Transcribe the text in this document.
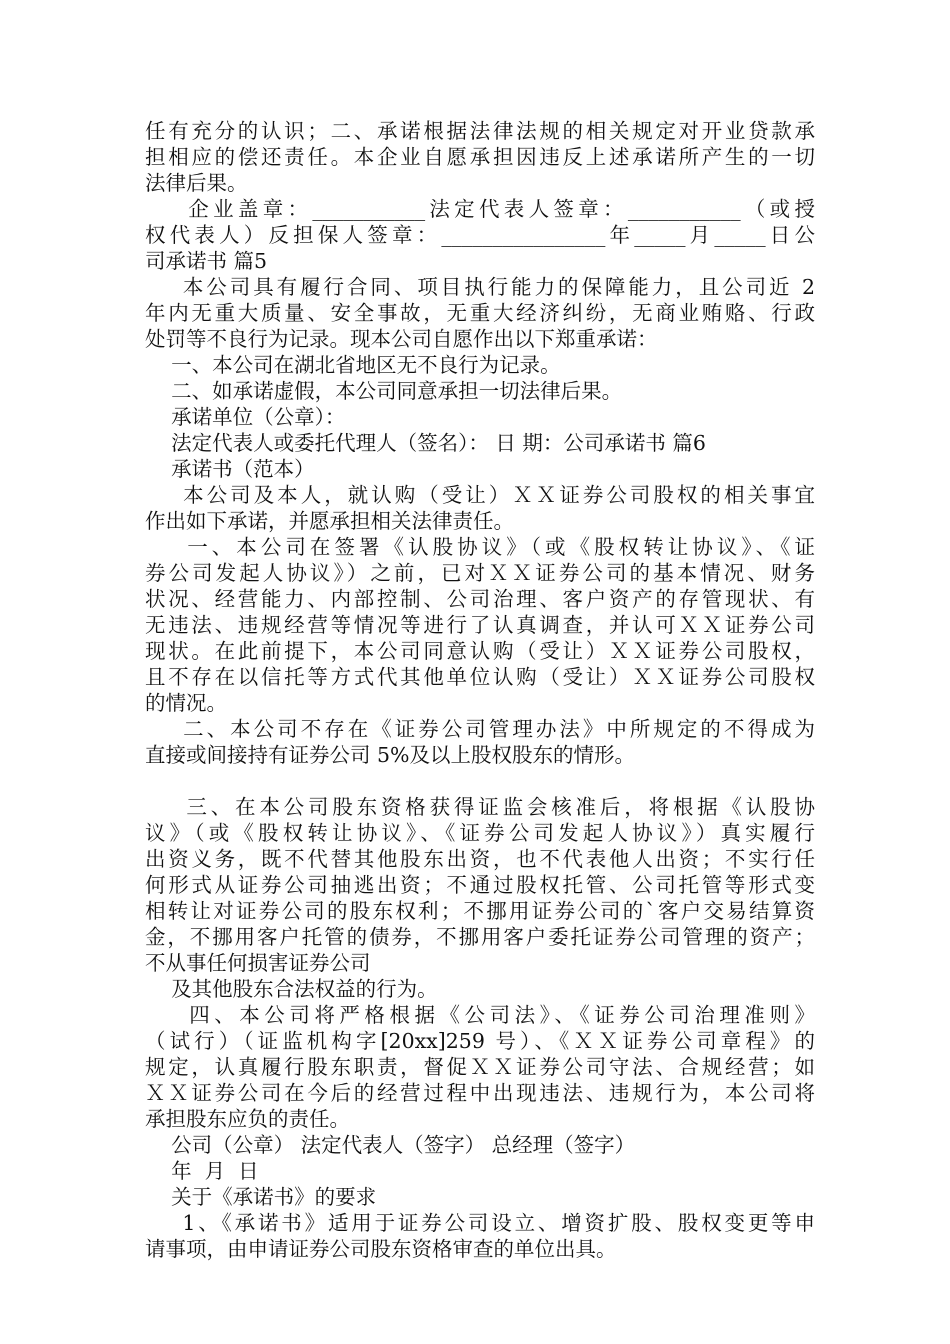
任有充分的认识；二、承诺根据法律法规的相关规定对开业贷款承
担相应的偿还责任。本企业自愿承担因违反上述承诺所产生的一切
法律后果。
企业盖章：___________法定代表人签章：___________（或授
权代表人）反担保人签章：________________年_____月_____日公
司承诺书 篇5
本公司具有履行合同、项目执行能力的保障能力，且公司近 2
年内无重大质量、安全事故，无重大经济纠纷，无商业贿赂、行政
处罚等不良行为记录。现本公司自愿作出以下郑重承诺：
一、本公司在湖北省地区无不良行为记录。
二、如承诺虚假，本公司同意承担一切法律后果。
承诺单位（公章）：
法定代表人或委托代理人（签名）： 日 期：公司承诺书 篇6
承诺书（范本）
本公司及本人，就认购（受让）ＸＸ证券公司股权的相关事宜
作出如下承诺，并愿承担相关法律责任。
一、本公司在签署《认股协议》（或《股权转让协议》、《证
券公司发起人协议》）之前，已对ＸＸ证券公司的基本情况、财务
状况、经营能力、内部控制、公司治理、客户资产的存管现状、有
无违法、违规经营等情况等进行了认真调查，并认可ＸＸ证券公司
现状。在此前提下，本公司同意认购（受让）ＸＸ证券公司股权，
且不存在以信托等方式代其他单位认购（受让）ＸＸ证券公司股权
的情况。
二、本公司不存在《证券公司管理办法》中所规定的不得成为
直接或间接持有证券公司 5%及以上股权股东的情形。
三、在本公司股东资格获得证监会核准后，将根据《认股协
议》（或《股权转让协议》、《证券公司发起人协议》）真实履行
出资义务，既不代替其他股东出资，也不代表他人出资；不实行任
何形式从证券公司抽逃出资；不通过股权托管、公司托管等形式变
相转让对证券公司的股东权利；不挪用证券公司的`客户交易结算资
金，不挪用客户托管的债券，不挪用客户委托证券公司管理的资产；
不从事任何损害证券公司
及其他股东合法权益的行为。
四、本公司将严格根据《公司法》、《证券公司治理准则》
（试行）（证监机构字[20xx]259 号）、《ＸＸ证券公司章程》的
规定，认真履行股东职责，督促ＸＸ证券公司守法、合规经营；如
ＸＸ证券公司在今后的经营过程中出现违法、违规行为，本公司将
承担股东应负的责任。
公司（公章） 法定代表人（签字） 总经理（签字）
年  月  日
关于《承诺书》的要求
1、《承诺书》适用于证券公司设立、增资扩股、股权变更等申
请事项，由申请证券公司股东资格审查的单位出具。
